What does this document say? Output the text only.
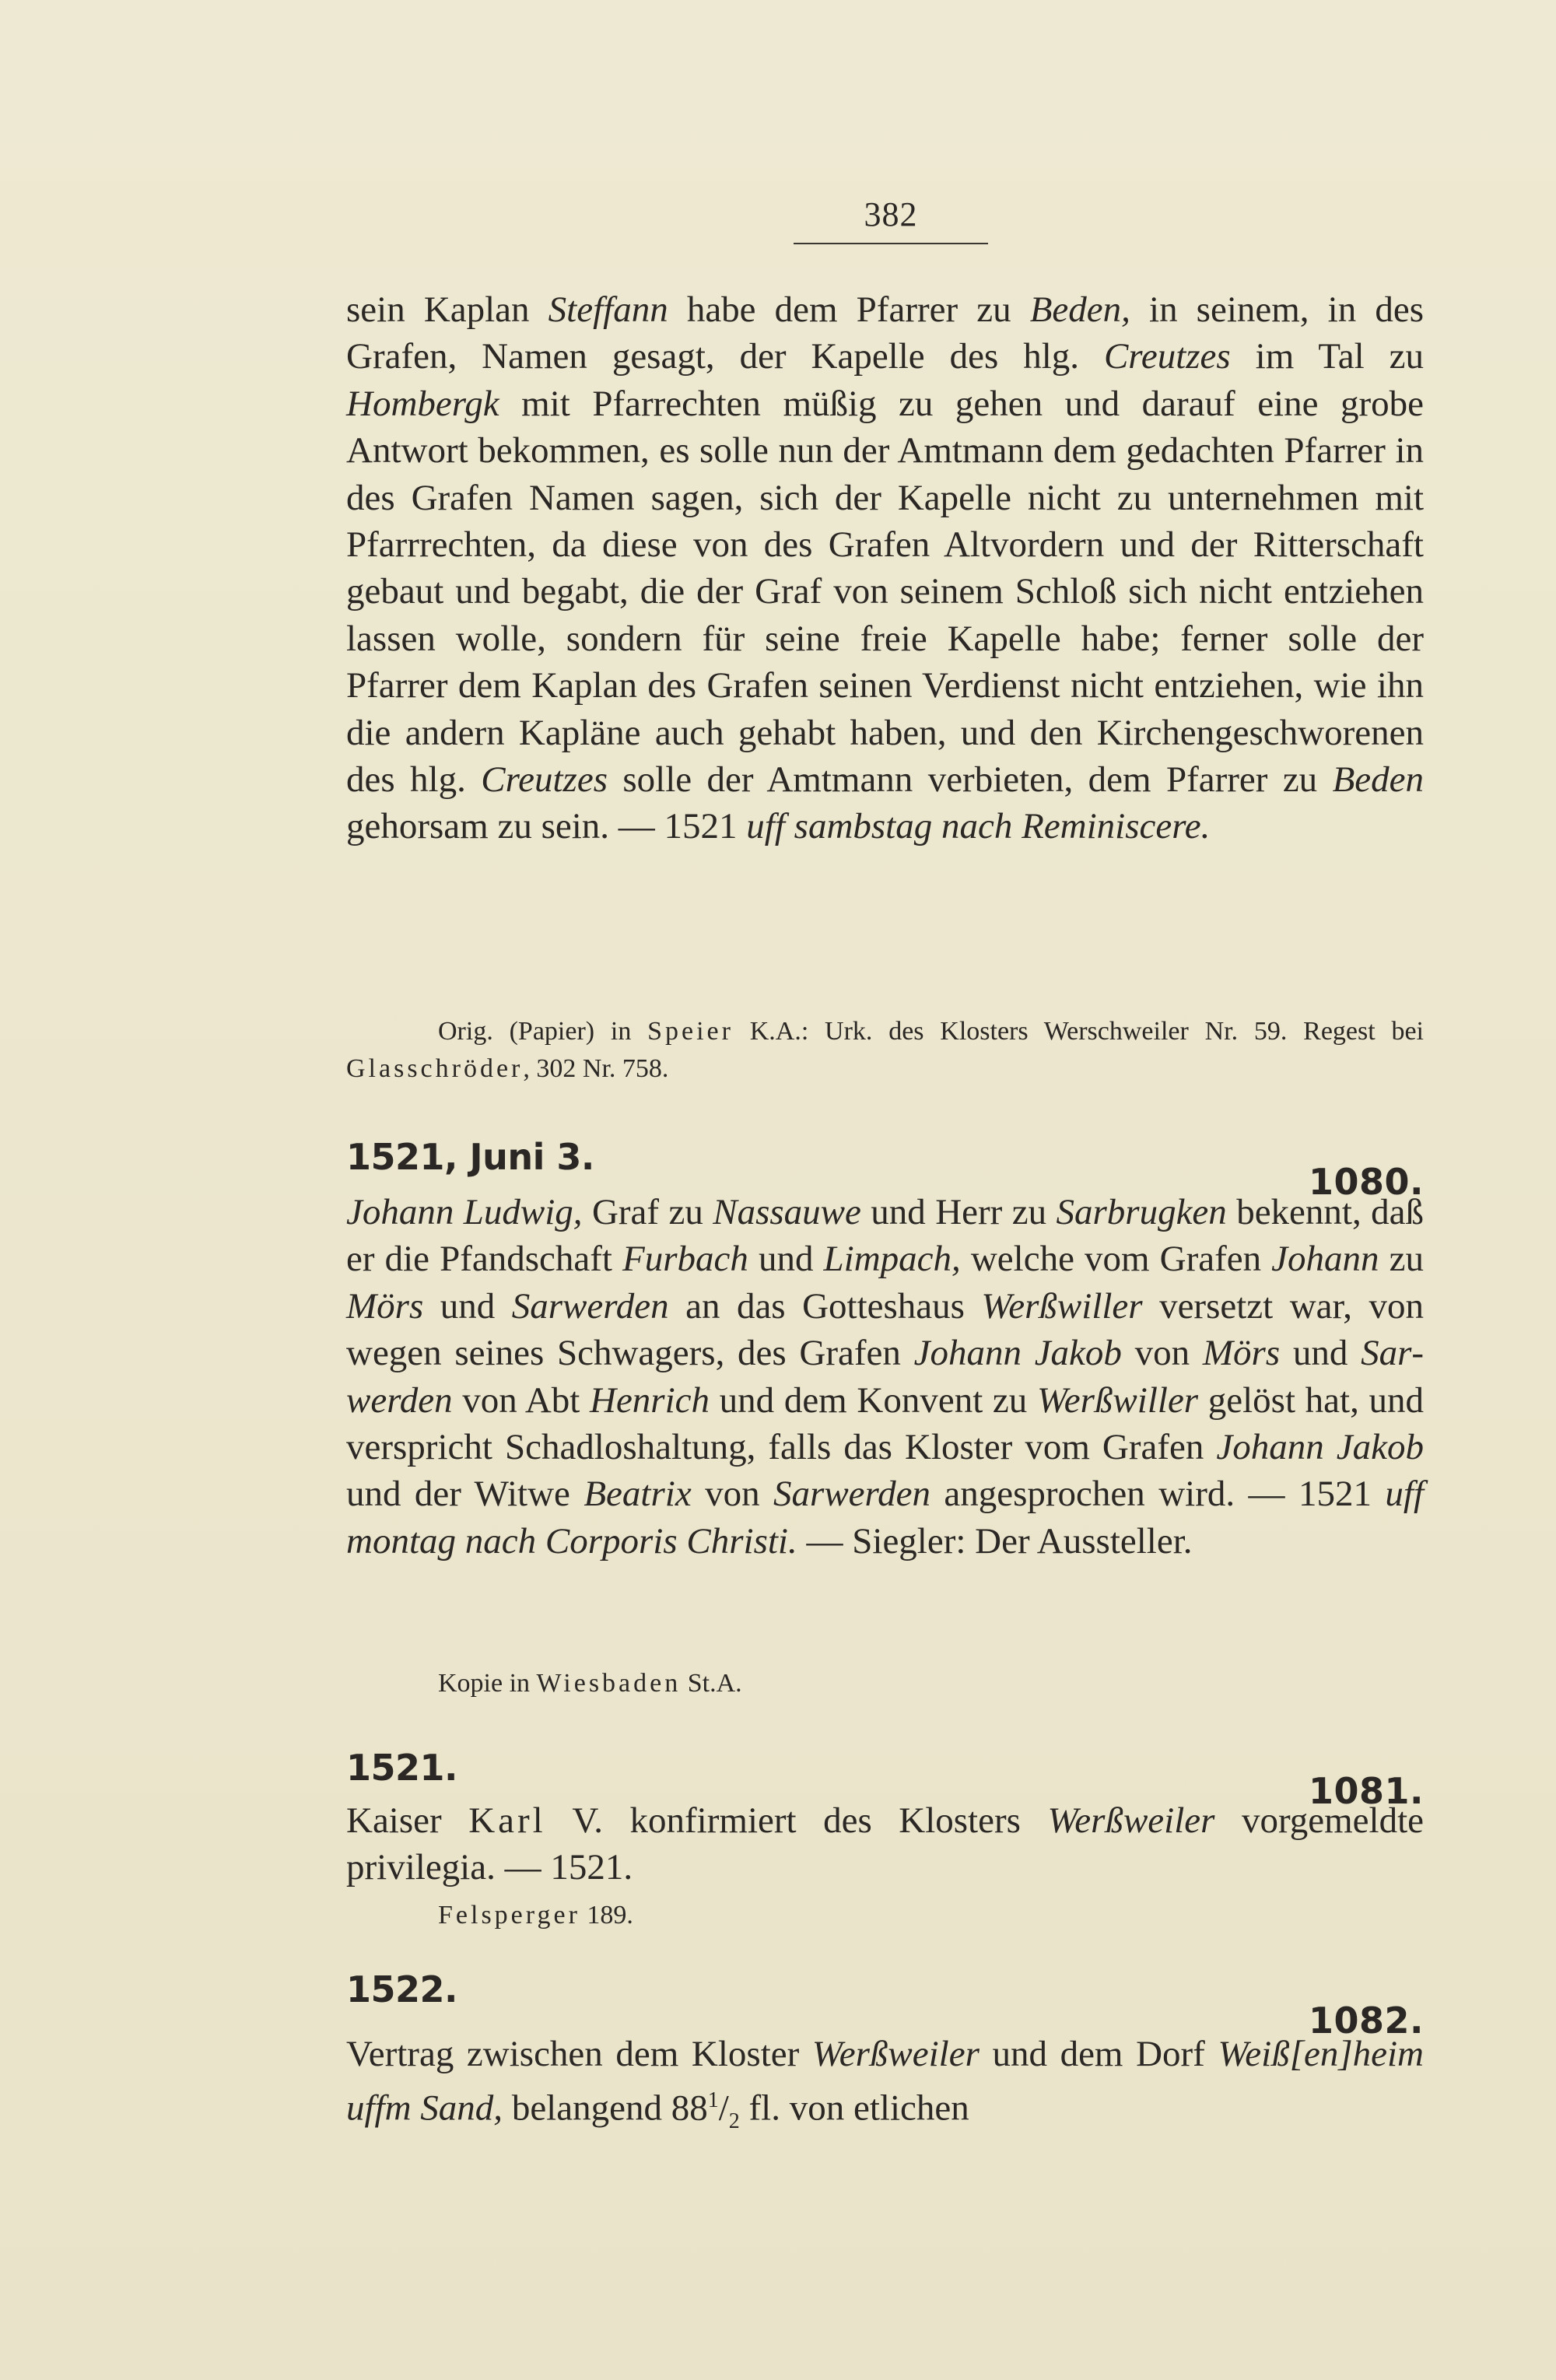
382
sein Kaplan Steffann habe dem Pfarrer zu Beden, in seinem, in des Grafen, Namen gesagt, der Kapelle des hlg. Creutzes im Tal zu Hombergk mit Pfarrechten müßig zu gehen und darauf eine grobe Antwort bekommen, es solle nun der Amtmann dem gedachten Pfarrer in des Grafen Namen sagen, sich der Kapelle nicht zu unternehmen mit Pfarrrechten, da diese von des Grafen Altvordern und der Ritterschaft gebaut und begabt, die der Graf von seinem Schloß sich nicht entziehen lassen wolle, sondern für seine freie Kapelle habe; ferner solle der Pfarrer dem Kaplan des Grafen seinen Verdienst nicht entziehen, wie ihn die andern Kapläne auch gehabt haben, und den Kirchengeschworenen des hlg. Creutzes solle der Amtmann verbieten, dem Pfarrer zu Beden gehorsam zu sein. — 1521 uff sambstag nach Reminiscere.
Orig. (Papier) in Speier K.A.: Urk. des Klosters Werschweiler Nr. 59. Regest bei Glasschröder, 302 Nr. 758.
1521, Juni 3.
1080.
Johann Ludwig, Graf zu Nassauwe und Herr zu Sarbrugken bekennt, daß er die Pfandschaft Furbach und Limpach, welche vom Grafen Johann zu Mörs und Sarwerden an das Gotteshaus Werßwiller versetzt war, von wegen seines Schwagers, des Grafen Johann Jakob von Mörs und Sarwerden von Abt Henrich und dem Konvent zu Werßwiller gelöst hat, und verspricht Schadloshaltung, falls das Kloster vom Grafen Johann Jakob und der Witwe Beatrix von Sarwerden angesprochen wird. — 1521 uff montag nach Corporis Christi. — Siegler: Der Aussteller.
Kopie in Wiesbaden St.A.
1521.
1081.
Kaiser Karl V. konfirmiert des Klosters Werßweiler vorgemeldte privilegia. — 1521.
Felsperger 189.
1522.
1082.
Vertrag zwischen dem Kloster Werßweiler und dem Dorf Weiß[en]heim uffm Sand, belangend $88^1/_2$ fl. von etlichen
